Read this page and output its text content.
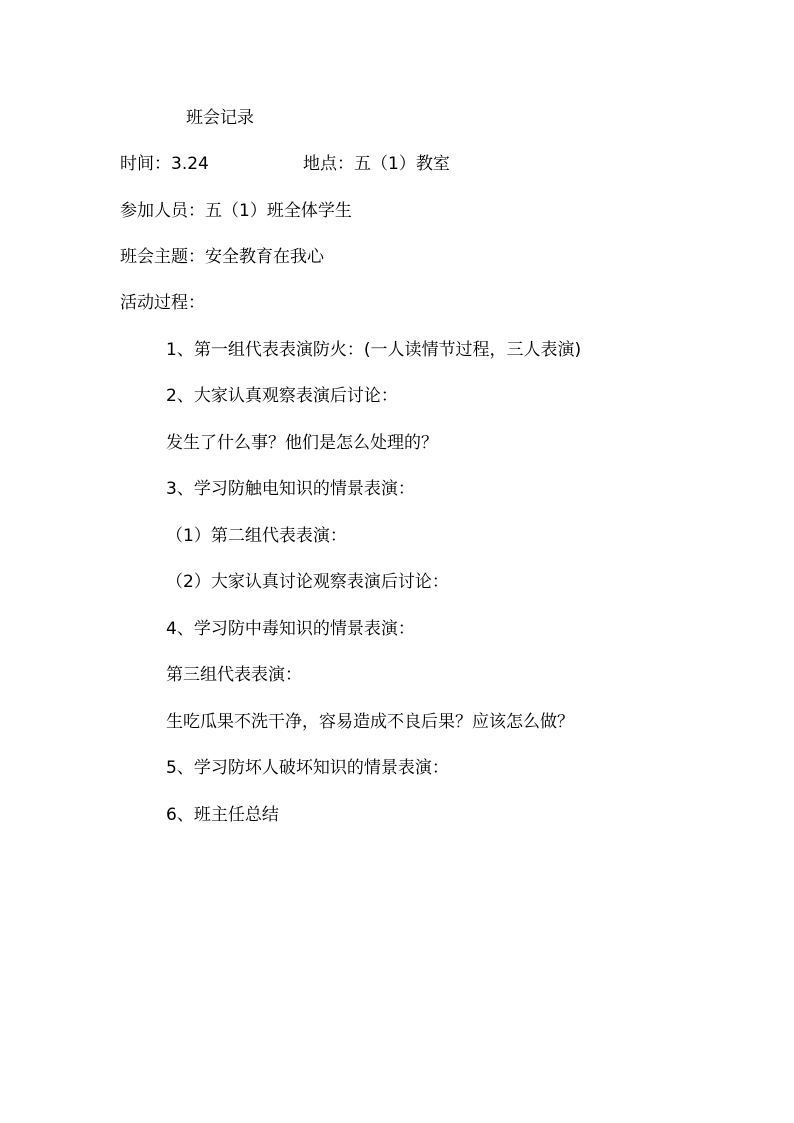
班会记录
时间：3.24	地点：五（1）教室
参加人员：五（1）班全体学生
班会主题：安全教育在我心
活动过程：
1、第一组代表表演防火：(一人读情节过程，三人表演)
2、大家认真观察表演后讨论：
发生了什么事？他们是怎么处理的？
3、学习防触电知识的情景表演：
（1）第二组代表表演：
（2）大家认真讨论观察表演后讨论：
4、学习防中毒知识的情景表演：
第三组代表表演：
生吃瓜果不洗干净，容易造成不良后果？应该怎么做？
5、学习防坏人破坏知识的情景表演：
6、班主任总结
